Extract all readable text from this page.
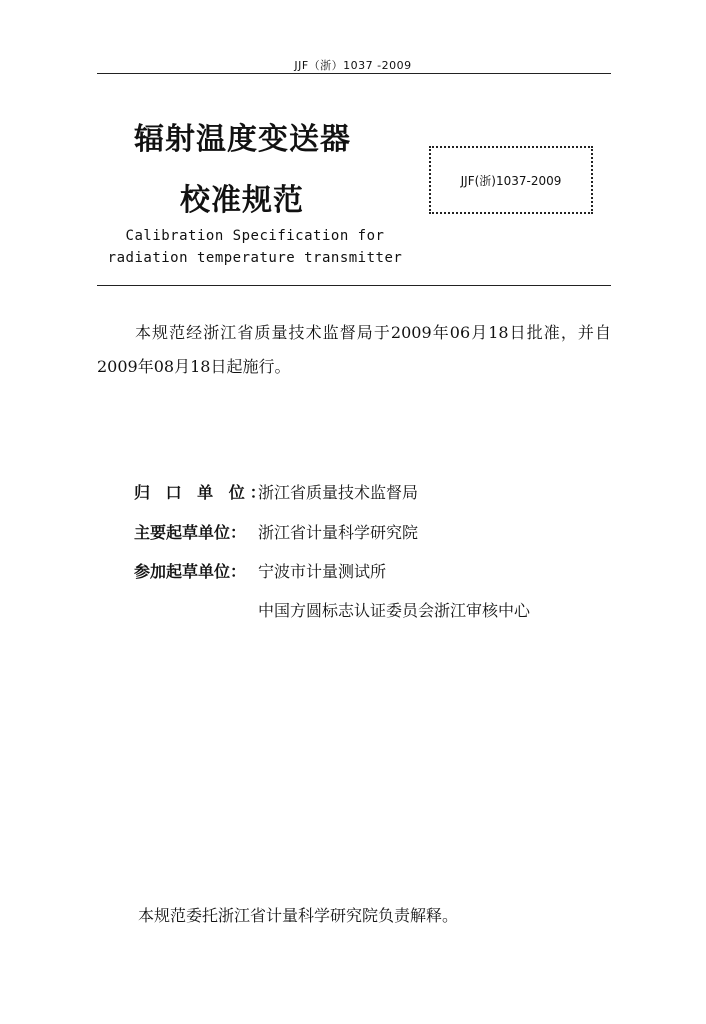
JJF（浙）1037 -2009
辐射温度变送器
校准规范
JJF(浙)1037-2009
Calibration Specification for
radiation temperature transmitter
本规范经浙江省质量技术监督局于2009年06月18日批准，并自2009年08月18日起施行。
归 口 单 位：浙江省质量技术监督局
主要起草单位： 浙江省计量科学研究院
参加起草单位： 宁波市计量测试所
中国方圆标志认证委员会浙江审核中心
本规范委托浙江省计量科学研究院负责解释。
